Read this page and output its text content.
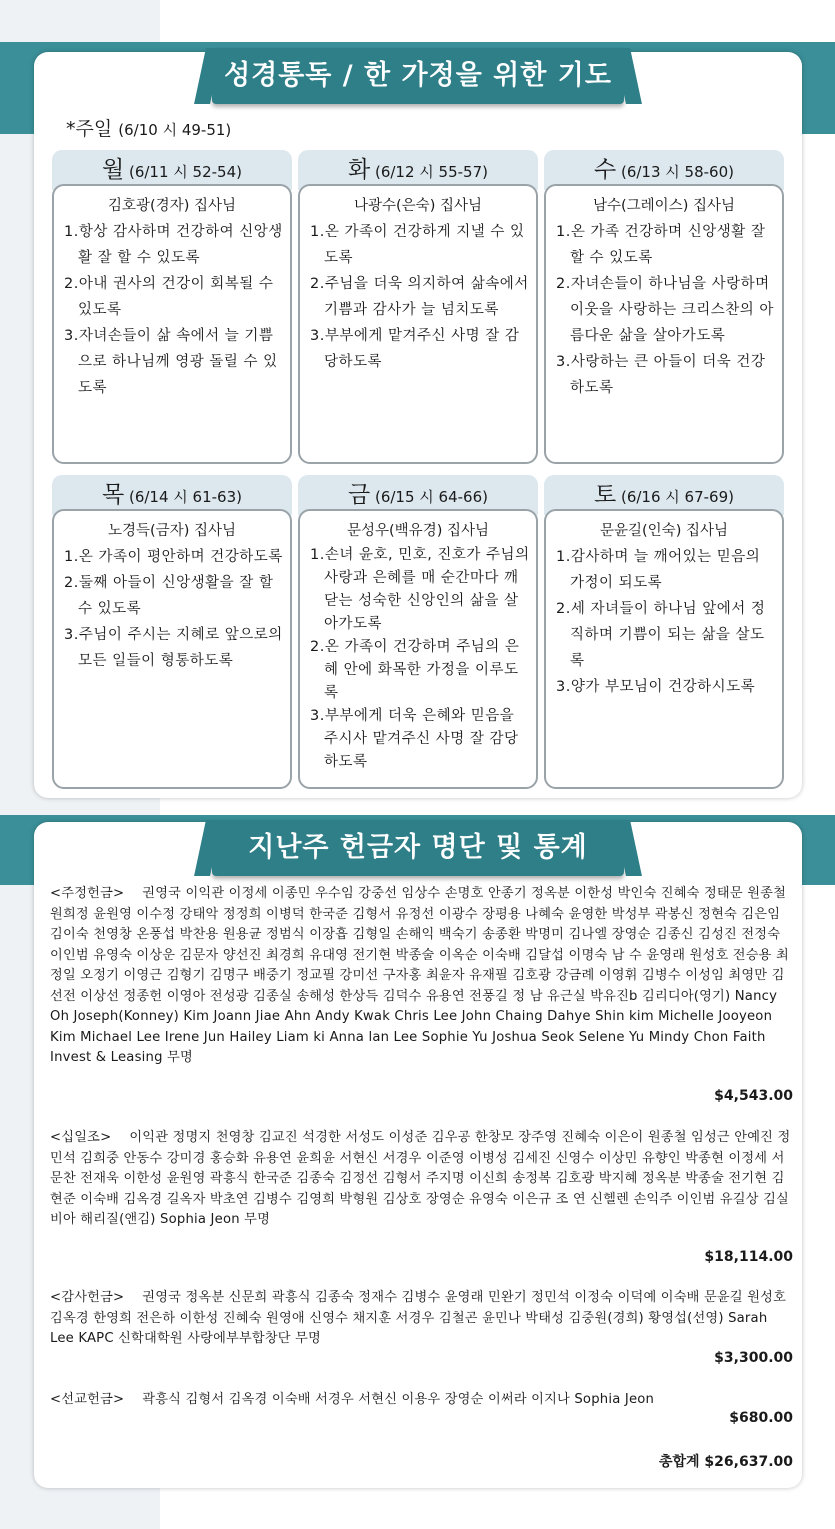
성경통독 / 한 가정을 위한 기도
*주일 (6/10 시 49-51)
월 (6/11 시 52-54)
김호광(경자) 집사님
1.항상 감사하며 건강하여 신앙생활 잘 할 수 있도록
2.아내 권사의 건강이 회복될 수 있도록
3.자녀손들이 삶 속에서 늘 기쁨으로 하나님께 영광 돌릴 수 있도록
화 (6/12 시 55-57)
나광수(은숙) 집사님
1.온 가족이 건강하게 지낼 수 있도록
2.주님을 더욱 의지하여 삶속에서 기쁨과 감사가 늘 넘치도록
3.부부에게 맡겨주신 사명 잘 감당하도록
수 (6/13 시 58-60)
남수(그레이스) 집사님
1.온 가족 건강하며 신앙생활 잘 할 수 있도록
2.자녀손들이 하나님을 사랑하며 이웃을 사랑하는 크리스찬의 아름다운 삶을 살아가도록
3.사랑하는 큰 아들이 더욱 건강하도록
목 (6/14 시 61-63)
노경득(금자) 집사님
1.온 가족이 평안하며 건강하도록
2.둘째 아들이 신앙생활을 잘 할 수 있도록
3.주님이 주시는 지혜로 앞으로의 모든 일들이 형통하도록
금 (6/15 시 64-66)
문성우(백유경) 집사님
1.손녀 윤호, 민호, 진호가 주님의 사랑과 은혜를 매 순간마다 깨닫는 성숙한 신앙인의 삶을 살아가도록
2.온 가족이 건강하며 주님의 은혜 안에 화목한 가정을 이루도록
3.부부에게 더욱 은혜와 믿음을 주시사 맡겨주신 사명 잘 감당하도록
토 (6/16 시 67-69)
문윤길(인숙) 집사님
1.감사하며 늘 깨어있는 믿음의 가정이 되도록
2.세 자녀들이 하나님 앞에서 정직하며 기쁨이 되는 삶을 살도록
3.양가 부모님이 건강하시도록
지난주 헌금자 명단 및 통계
<주정헌금> 권영국 이익관 이정세 이종민 우수임 강중선 임상수 손명호 안종기 정옥분 이한성 박인숙 진혜숙 정태문 원종철 원희정 윤원영 이수정 강태악 정정희 이병덕 한국준 김형서 유정선 이광수 장평용 나혜숙 윤영한 박성부 곽봉신 정현숙 김은임 김이숙 천영창 온풍섭 박찬용 원용균 정범식 이장흡 김형일 손해익 백숙기 송종환 박명미 김나엘 장영순 김종신 김성진 전정숙 이인범 유영숙 이상운 김문자 양선진 최경희 유대영 전기현 박종술 이옥순 이숙배 김달섭 이명숙 남 수 윤영래 원성호 전승용 최정일 오정기 이영근 김형기 김명구 배중기 정교필 강미선 구자홍 최윤자 유재필 김호광 강금례 이영휘 김병수 이성임 최영만 김선전 이상선 정종헌 이영아 전성광 김종실 송해성 한상득 김덕수 유용연 전풍길 정 남 유근실 박유진b 김리디아(영기) Nancy Oh Joseph(Konney) Kim Joann Jiae Ahn Andy Kwak Chris Lee John Chaing Dahye Shin kim Michelle Jooyeon Kim Michael Lee Irene Jun Hailey Liam ki Anna lan Lee Sophie Yu Joshua Seok Selene Yu Mindy Chon Faith Invest & Leasing 무명
$4,543.00
<십일조> 이익관 정명지 천영창 김교진 석경한 서성도 이성준 김우공 한창모 장주영 진혜숙 이은이 원종철 임성근 안예진 정민석 김희중 안동수 강미경 홍승화 유용연 윤희윤 서현신 서경우 이준영 이병성 김세진 신영수 이상민 유향인 박종현 이정세 서문찬 전재욱 이한성 윤원영 곽흥식 한국준 김종숙 김정선 김형서 주지명 이신희 송정복 김호광 박지혜 정옥분 박종술 전기현 김현준 이숙배 김옥경 길옥자 박초연 김병수 김영희 박형원 김상호 장영순 유영숙 이은규 조 연 신헬렌 손익주 이인범 유길상 김실비아 해리질(앤김) Sophia Jeon 무명
$18,114.00
<감사헌금> 권영국 정옥분 신문희 곽흥식 김종숙 정재수 김병수 윤영래 민완기 정민석 이정숙 이덕예 이숙배 문윤길 원성호 김옥경 한영희 전은하 이한성 진혜숙 원영애 신영수 채지훈 서경우 김철곤 윤민나 박태성 김중원(경희) 황영섭(선영) Sarah Lee KAPC 신학대학원 사랑에부부합창단 무명
$3,300.00
<선교헌금> 곽흥식 김형서 김옥경 이숙배 서경우 서현신 이용우 장영순 이써라 이지나 Sophia Jeon
$680.00
총합계 $26,637.00
